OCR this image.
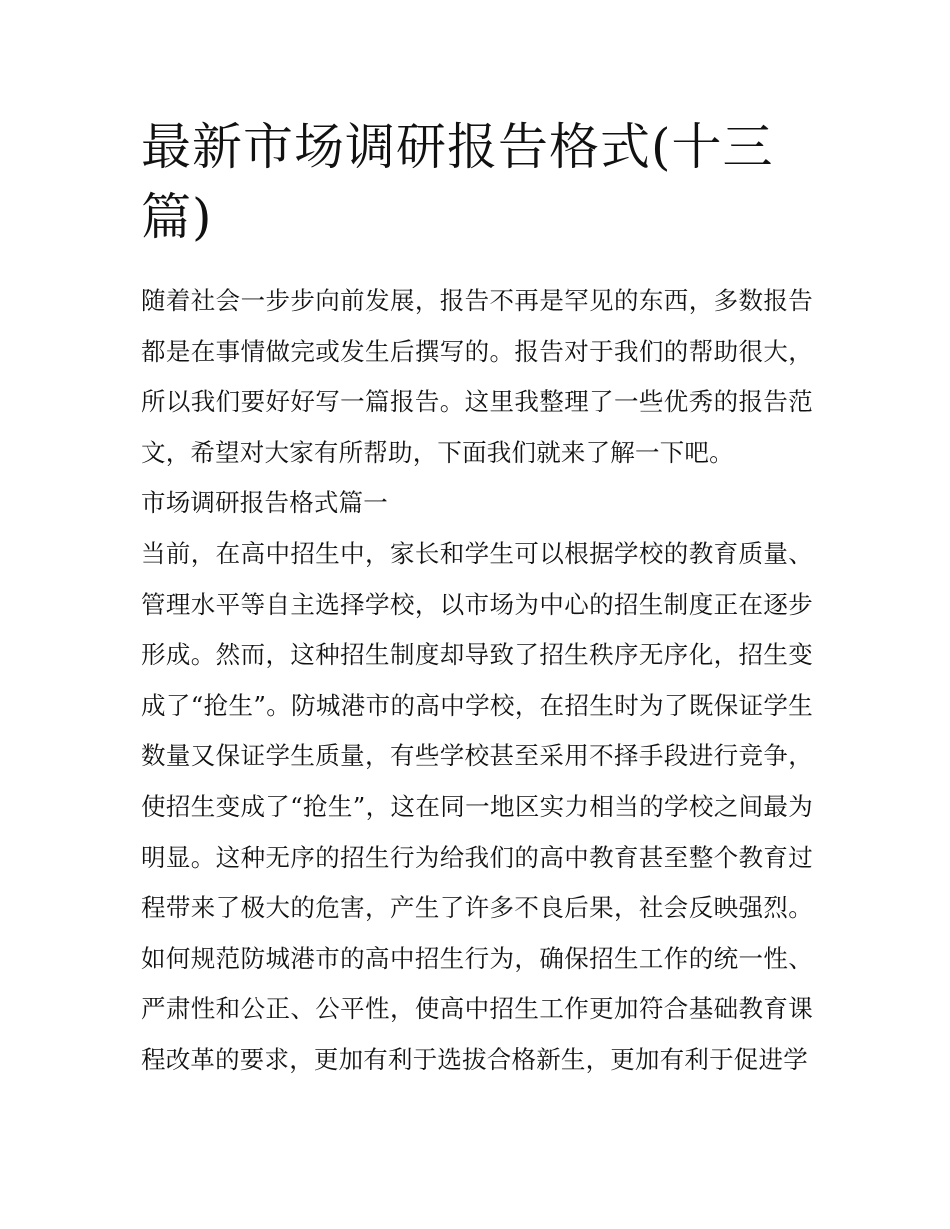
最新市场调研报告格式(十三篇)

随着社会一步步向前发展，报告不再是罕见的东西，多数报告都是在事情做完或发生后撰写的。报告对于我们的帮助很大，所以我们要好好写一篇报告。这里我整理了一些优秀的报告范文，希望对大家有所帮助，下面我们就来了解一下吧。

市场调研报告格式篇一

当前，在高中招生中，家长和学生可以根据学校的教育质量、管理水平等自主选择学校，以市场为中心的招生制度正在逐步形成。然而，这种招生制度却导致了招生秩序无序化，招生变成了“抢生”。防城港市的高中学校，在招生时为了既保证学生数量又保证学生质量，有些学校甚至采用不择手段进行竞争，使招生变成了“抢生”，这在同一地区实力相当的学校之间最为明显。这种无序的招生行为给我们的高中教育甚至整个教育过程带来了极大的危害，产生了许多不良后果，社会反映强烈。如何规范防城港市的高中招生行为，确保招生工作的统一性、严肃性和公正、公平性，使高中招生工作更加符合基础教育课程改革的要求，更加有利于选拔合格新生，更加有利于促进学
